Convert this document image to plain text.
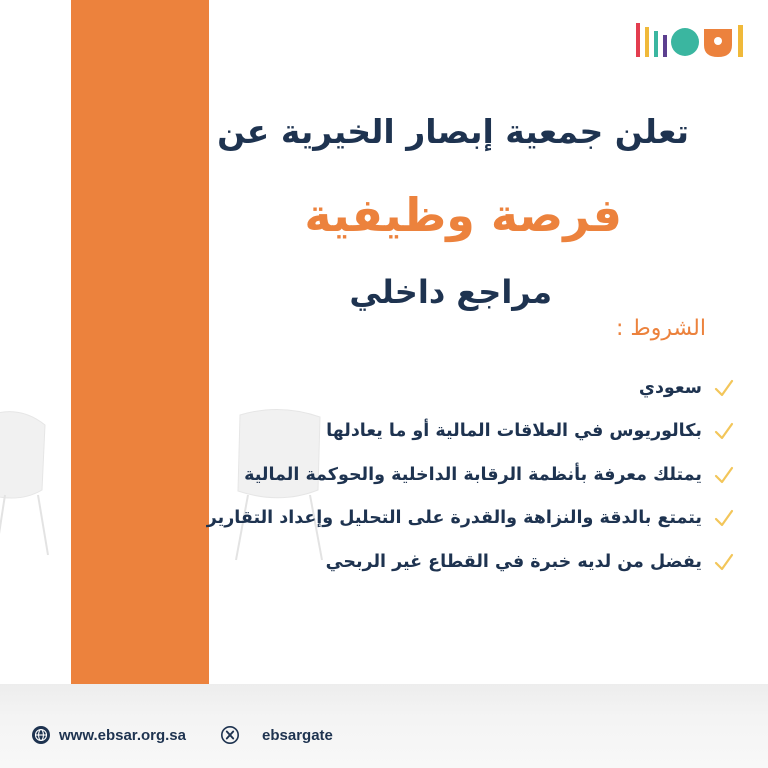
تعلن جمعية إبصار الخيرية عن
فرصة وظيفية
مراجع داخلي
الشروط :
سعودي
بكالوريوس في العلاقات المالية أو ما يعادلها
يمتلك معرفة بأنظمة الرقابة الداخلية والحوكمة المالية
يتمتع بالدقة والنزاهة والقدرة على التحليل وإعداد التقارير
يفضل من لديه خبرة في القطاع غير الربحي
www.ebsar.org.sa	ebsargate
